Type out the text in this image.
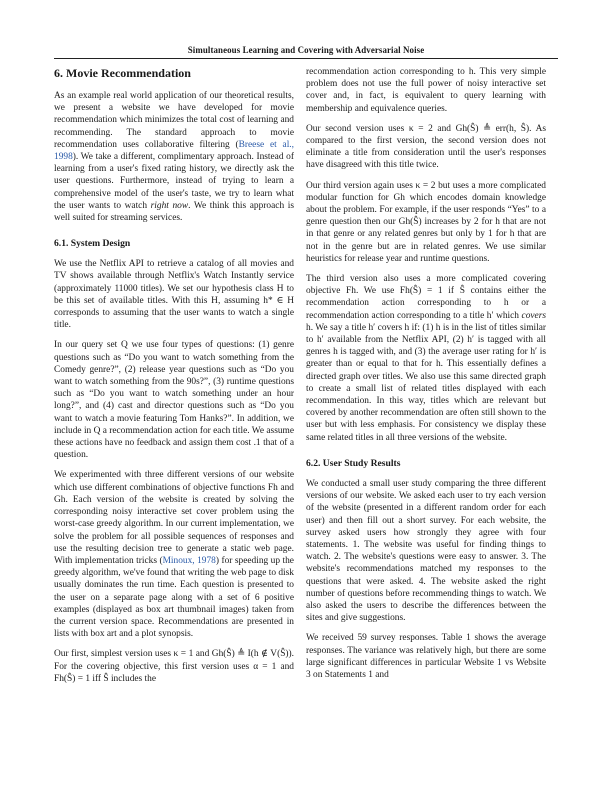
Simultaneous Learning and Covering with Adversarial Noise
6. Movie Recommendation

As an example real world application of our theoretical results, we present a website we have developed for movie recommendation which minimizes the total cost of learning and recommending. The standard approach to movie recommendation uses collaborative filtering (Breese et al., 1998). We take a different, complimentary approach. Instead of learning from a user's fixed rating history, we directly ask the user questions. Furthermore, instead of trying to learn a comprehensive model of the user's taste, we try to learn what the user wants to watch right now. We think this approach is well suited for streaming services.

6.1. System Design

We use the Netflix API to retrieve a catalog of all movies and TV shows available through Netflix's Watch Instantly service (approximately 11000 titles). We set our hypothesis class H to be this set of available titles. With this H, assuming h* ∈ H corresponds to assuming that the user wants to watch a single title.

In our query set Q we use four types of questions: (1) genre questions such as “Do you want to watch something from the Comedy genre?”, (2) release year questions such as “Do you want to watch something from the 90s?”, (3) runtime questions such as “Do you want to watch something under an hour long?”, and (4) cast and director questions such as “Do you want to watch a movie featuring Tom Hanks?”. In addition, we include in Q a recommendation action for each title. We assume these actions have no feedback and assign them cost .1 that of a question.

We experimented with three different versions of our website which use different combinations of objective functions Fh and Gh. Each version of the website is created by solving the corresponding noisy interactive set cover problem using the worst-case greedy algorithm. In our current implementation, we solve the problem for all possible sequences of responses and use the resulting decision tree to generate a static web page. With implementation tricks (Minoux, 1978) for speeding up the greedy algorithm, we've found that writing the web page to disk usually dominates the run time. Each question is presented to the user on a separate page along with a set of 6 positive examples (displayed as box art thumbnail images) taken from the current version space. Recommendations are presented in lists with box art and a plot synopsis.

Our first, simplest version uses κ = 1 and Gh(Ŝ) ≜ I(h ∉ V(Ŝ)). For the covering objective, this first version uses α = 1 and Fh(Ŝ) = 1 iff Ŝ includes the

recommendation action corresponding to h. This very simple problem does not use the full power of noisy interactive set cover and, in fact, is equivalent to query learning with membership and equivalence queries.

Our second version uses κ = 2 and Gh(Ŝ) ≜ err(h, Ŝ). As compared to the first version, the second version does not eliminate a title from consideration until the user's responses have disagreed with this title twice.

Our third version again uses κ = 2 but uses a more complicated modular function for Gh which encodes domain knowledge about the problem. For example, if the user responds “Yes” to a genre question then our Gh(Ŝ) increases by 2 for h that are not in that genre or any related genres but only by 1 for h that are not in the genre but are in related genres. We use similar heuristics for release year and runtime questions.

The third version also uses a more complicated covering objective Fh. We use Fh(Ŝ) = 1 if Ŝ contains either the recommendation action corresponding to h or a recommendation action corresponding to a title h′ which covers h. We say a title h′ covers h if: (1) h is in the list of titles similar to h′ available from the Netflix API, (2) h′ is tagged with all genres h is tagged with, and (3) the average user rating for h′ is greater than or equal to that for h. This essentially defines a directed graph over titles. We also use this same directed graph to create a small list of related titles displayed with each recommendation. In this way, titles which are relevant but covered by another recommendation are often still shown to the user but with less emphasis. For consistency we display these same related titles in all three versions of the website.

6.2. User Study Results

We conducted a small user study comparing the three different versions of our website. We asked each user to try each version of the website (presented in a different random order for each user) and then fill out a short survey. For each website, the survey asked users how strongly they agree with four statements. 1. The website was useful for finding things to watch. 2. The website's questions were easy to answer. 3. The website's recommendations matched my responses to the questions that were asked. 4. The website asked the right number of questions before recommending things to watch. We also asked the users to describe the differences between the sites and give suggestions.

We received 59 survey responses. Table 1 shows the average responses. The variance was relatively high, but there are some large significant differences in particular Website 1 vs Website 3 on Statements 1 and
